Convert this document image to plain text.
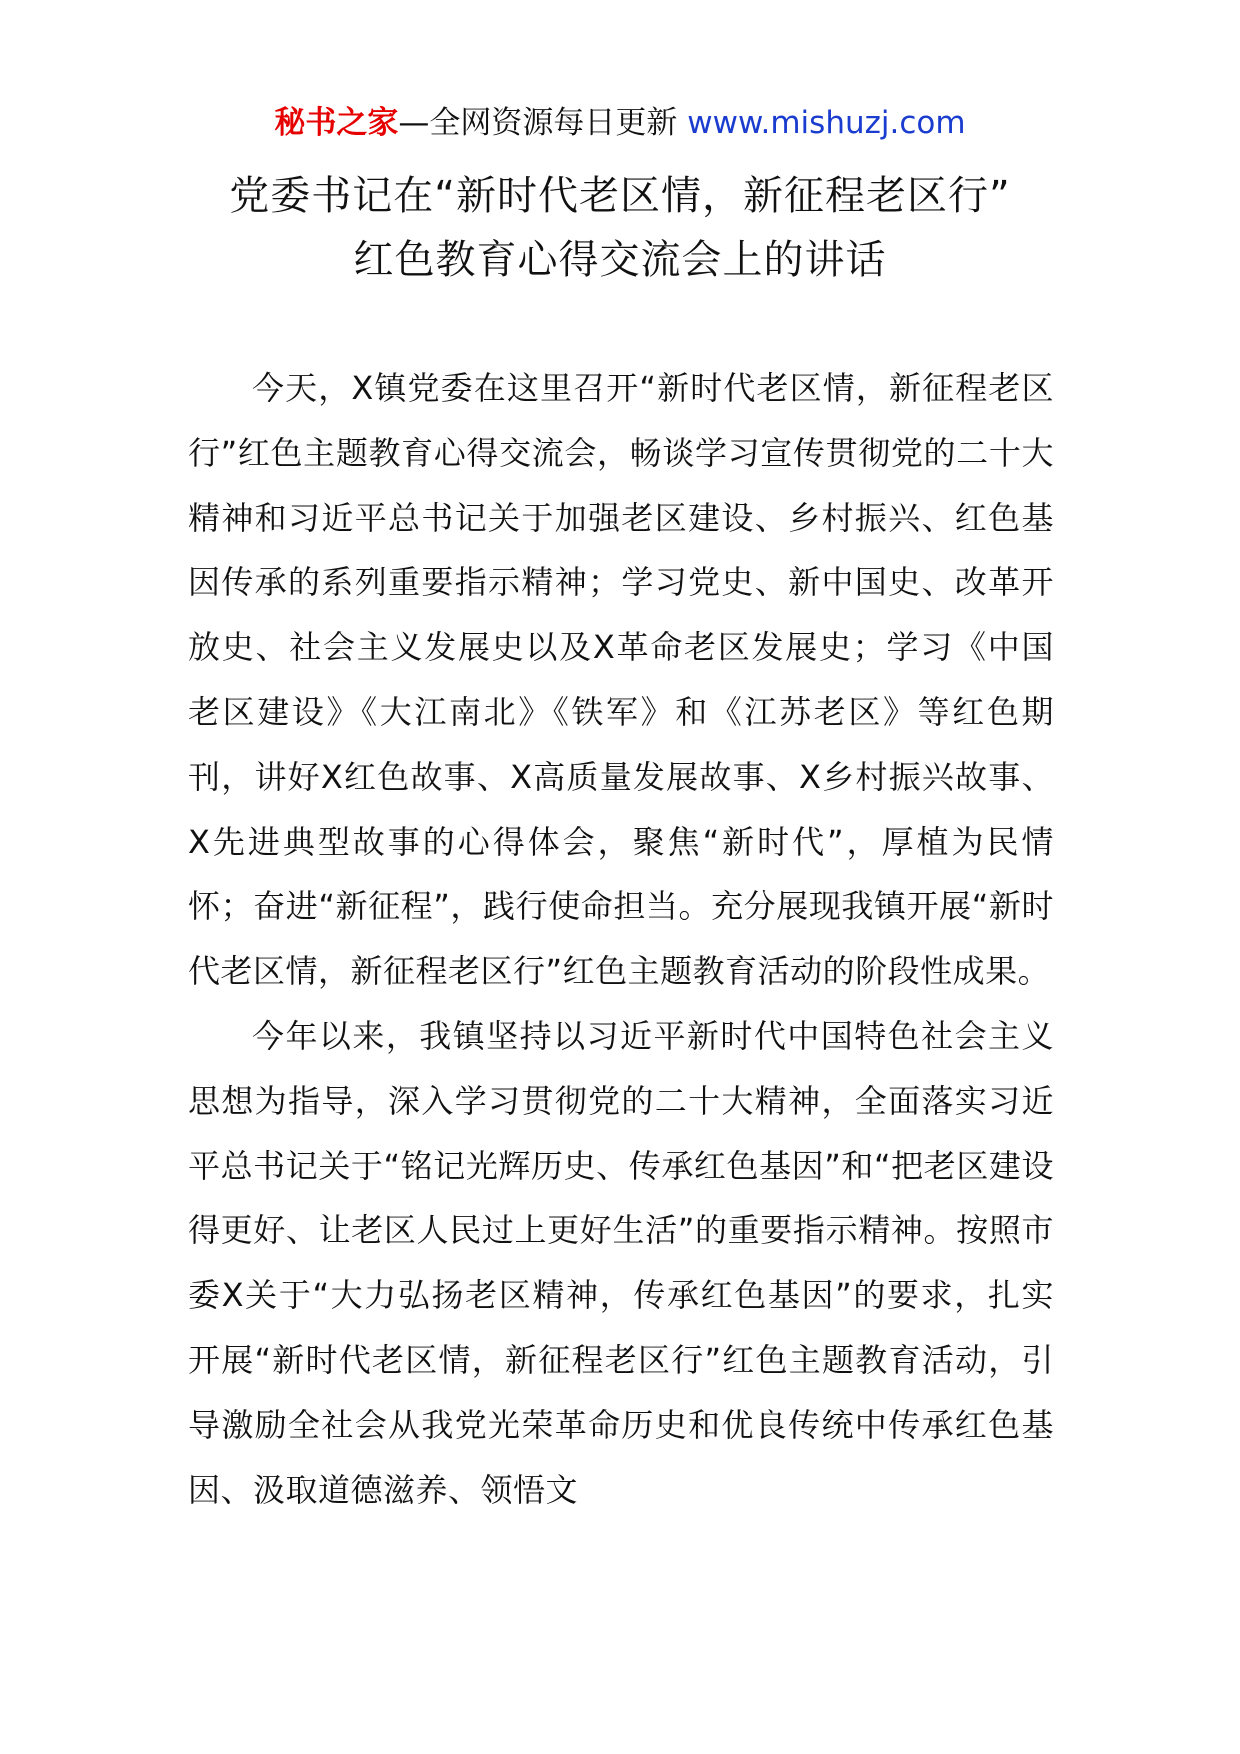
秘书之家—全网资源每日更新 www.mishuzj.com
党委书记在“新时代老区情，新征程老区行”
红色教育心得交流会上的讲话

今天，X镇党委在这里召开“新时代老区情，新征程老区行”红色主题教育心得交流会，畅谈学习宣传贯彻党的二十大精神和习近平总书记关于加强老区建设、乡村振兴、红色基因传承的系列重要指示精神；学习党史、新中国史、改革开放史、社会主义发展史以及X革命老区发展史；学习《中国老区建设》《大江南北》《铁军》和《江苏老区》等红色期刊，讲好X红色故事、X高质量发展故事、X乡村振兴故事、X先进典型故事的心得体会，聚焦“新时代”，厚植为民情怀；奋进“新征程”，践行使命担当。充分展现我镇开展“新时代老区情，新征程老区行”红色主题教育活动的阶段性成果。

今年以来，我镇坚持以习近平新时代中国特色社会主义思想为指导，深入学习贯彻党的二十大精神，全面落实习近平总书记关于“铭记光辉历史、传承红色基因”和“把老区建设得更好、让老区人民过上更好生活”的重要指示精神。按照市委X关于“大力弘扬老区精神，传承红色基因”的要求，扎实开展“新时代老区情，新征程老区行”红色主题教育活动，引导激励全社会从我党光荣革命历史和优良传统中传承红色基因、汲取道德滋养、领悟文
